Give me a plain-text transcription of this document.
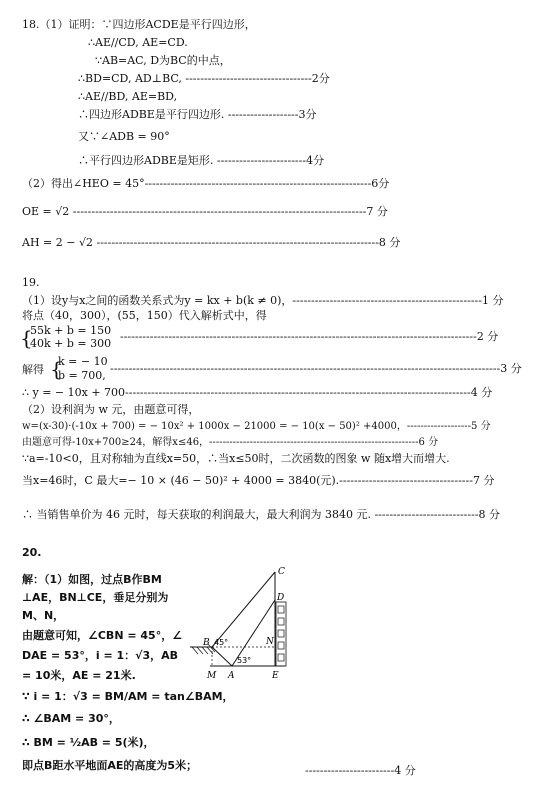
18.（1）证明：∵四边形ACDE是平行四边形，
∴AE//CD, AE=CD.
∵AB=AC, D为BC的中点，
∴BD=CD, AD⊥BC, ----------------------------------2分
∴AE//BD, AE=BD,
∴四边形ADBE是平行四边形. -------------------3分
又∵∠ADB = 90°
∴平行四边形ADBE是矩形. ------------------------4分
（2）得出∠HEO = 45°-------------------------------------------------------------6分
OE = √2 -------------------------------------------------------------------------------7 分
AH = 2 − √2 ----------------------------------------------------------------------------8 分
19.
（1）设y与x之间的函数关系式为y = kx + b(k ≠ 0)，---------------------------------------------------1 分
将点（40，300），(55，150）代入解析式中，得
{
55k + b = 150
40k + b = 300
------------------------------------------------------------------------------------------------2 分
解得 {
k = − 10
b = 700,
---------------------------------------------------------------------------------------------------------3 分
∴ y = − 10x + 700---------------------------------------------------------------------------------------------4 分
（2）设利润为 w 元，由题意可得，
w=(x-30)·(-10x + 700) = − 10x² + 1000x − 21000 = − 10(x − 50)² +4000，-------------------5 分
由题意可得-10x+700≥24，解得x≤46，--------------------------------------------------------------6 分
∵a=-10<0，且对称轴为直线x=50，∴当x≤50时，二次函数的图象 w 随x增大而增大.
当x=46时，C 最大=− 10 × (46 − 50)² + 4000 = 3840(元).------------------------------------7 分
∴ 当销售单价为 46 元时，每天获取的利润最大，最大利润为 3840 元. ----------------------------8 分
20.
解：（1）如图，过点B作BM
⊥AE，BN⊥CE，垂足分别为
M、N，
由题意可知，∠CBN = 45°，∠
DAE = 53°，i = 1：√3，AB
= 10米，AE = 21米.
∵ i = 1：√3 = BM/AM = tan∠BAM，
∴ ∠BAM = 30°，
∴ BM = ½AB = 5(米)，
即点B距水平地面AE的高度为5米；	------------------------4 分
C
D
N
B 45°
53°
M A	E
